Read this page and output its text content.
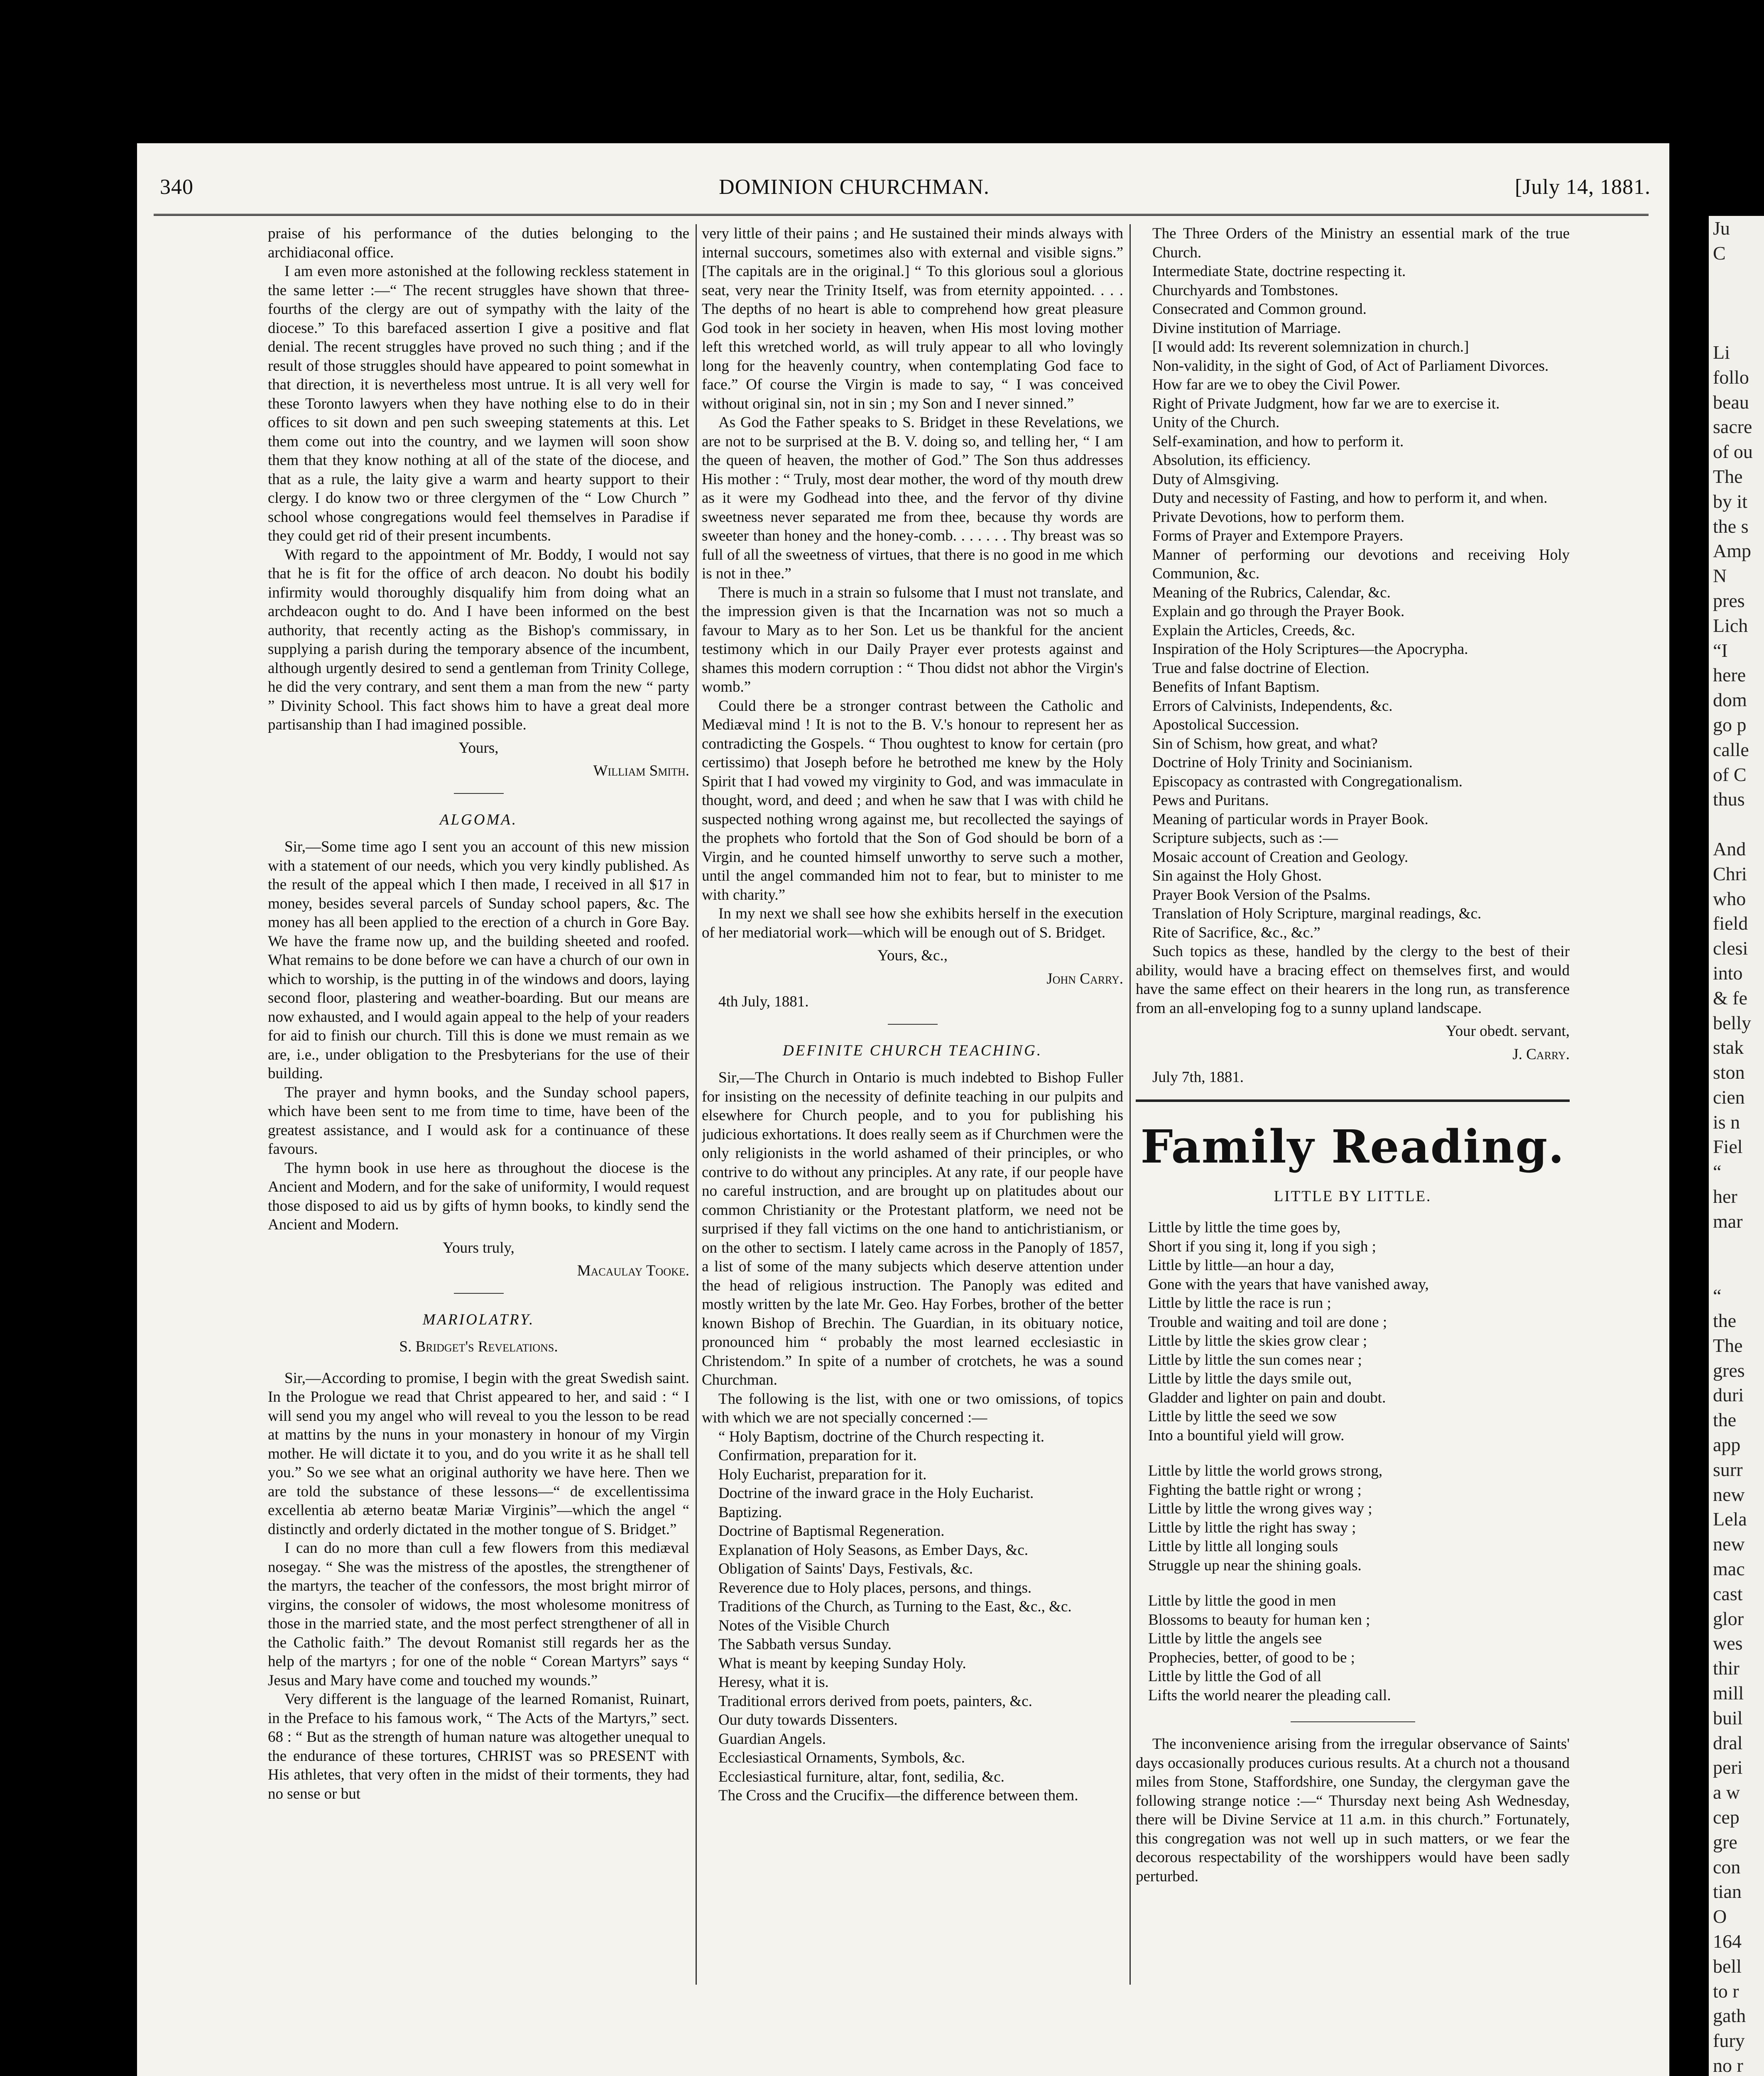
Ju
C

Li
follo
beau
sacre
of ou
The
by it
the s
Amp
N
pres
Lich
“I
here
dom
go p
calle
of C
thus

And
Chri
who
field
clesi
into
& fe
belly
stak
ston
cien
is n
Fiel
“
her
mar

“
the
The
gres
duri
the
app
surr
new
Lela
new
mac
cast
glor
wes
thir
mill
buil
dral
peri
a w
cep
gre
con
tian
O
164
bell
to r
gath
fury
no r

340	DOMINION CHURCHMAN.	[July 14, 1881.

praise of his performance of the duties belonging to the archidiaconal office.

I am even more astonished at the following reckless statement in the same letter :—“ The recent struggles have shown that three-fourths of the clergy are out of sympathy with the laity of the diocese.” To this barefaced assertion I give a positive and flat denial. The recent struggles have proved no such thing ; and if the result of those struggles should have appeared to point somewhat in that direction, it is nevertheless most untrue. It is all very well for these Toronto lawyers when they have nothing else to do in their offices to sit down and pen such sweeping statements at this. Let them come out into the country, and we laymen will soon show them that they know nothing at all of the state of the diocese, and that as a rule, the laity give a warm and hearty support to their clergy. I do know two or three clergymen of the “ Low Church ” school whose congregations would feel themselves in Paradise if they could get rid of their present incumbents.

With regard to the appointment of Mr. Boddy, I would not say that he is fit for the office of arch deacon. No doubt his bodily infirmity would thoroughly disqualify him from doing what an archdeacon ought to do. And I have been informed on the best authority, that recently acting as the Bishop's commissary, in supplying a parish during the temporary absence of the incumbent, although urgently desired to send a gentleman from Trinity College, he did the very contrary, and sent them a man from the new “ party ” Divinity School. This fact shows him to have a great deal more partisanship than I had imagined possible.

Yours,
William Smith.
ALGOMA.

Sir,—Some time ago I sent you an account of this new mission with a statement of our needs, which you very kindly published. As the result of the appeal which I then made, I received in all $17 in money, besides several parcels of Sunday school papers, &c. The money has all been applied to the erection of a church in Gore Bay. We have the frame now up, and the building sheeted and roofed. What remains to be done before we can have a church of our own in which to worship, is the putting in of the windows and doors, laying second floor, plastering and weather-boarding. But our means are now exhausted, and I would again appeal to the help of your readers for aid to finish our church. Till this is done we must remain as we are, i.e., under obligation to the Presbyterians for the use of their building.

The prayer and hymn books, and the Sunday school papers, which have been sent to me from time to time, have been of the greatest assistance, and I would ask for a continuance of these favours.

The hymn book in use here as throughout the diocese is the Ancient and Modern, and for the sake of uniformity, I would request those disposed to aid us by gifts of hymn books, to kindly send the Ancient and Modern.

Yours truly,
Macaulay Tooke.
MARIOLATRY.
S. Bridget's Revelations.

Sir,—According to promise, I begin with the great Swedish saint. In the Prologue we read that Christ appeared to her, and said : “ I will send you my angel who will reveal to you the lesson to be read at mattins by the nuns in your monastery in honour of my Virgin mother. He will dictate it to you, and do you write it as he shall tell you.” So we see what an original authority we have here. Then we are told the substance of these lessons—“ de excellentissima excellentia ab æterno beatæ Mariæ Virginis”—which the angel “ distinctly and orderly dictated in the mother tongue of S. Bridget.”

I can do no more than cull a few flowers from this mediæval nosegay. “ She was the mistress of the apostles, the strengthener of the martyrs, the teacher of the confessors, the most bright mirror of virgins, the consoler of widows, the most wholesome monitress of those in the married state, and the most perfect strengthener of all in the Catholic faith.” The devout Romanist still regards her as the help of the martyrs ; for one of the noble “ Corean Martyrs” says “ Jesus and Mary have come and touched my wounds.”

Very different is the language of the learned Romanist, Ruinart, in the Preface to his famous work, “ The Acts of the Martyrs,” sect. 68 : “ But as the strength of human nature was altogether unequal to the endurance of these tortures, CHRIST was so PRESENT with His athletes, that very often in the midst of their torments, they had no sense or but

very little of their pains ; and He sustained their minds always with internal succours, sometimes also with external and visible signs.” [The capitals are in the original.] “ To this glorious soul a glorious seat, very near the Trinity Itself, was from eternity appointed. . . . The depths of no heart is able to comprehend how great pleasure God took in her society in heaven, when His most loving mother left this wretched world, as will truly appear to all who lovingly long for the heavenly country, when contemplating God face to face.” Of course the Virgin is made to say, “ I was conceived without original sin, not in sin ; my Son and I never sinned.”

As God the Father speaks to S. Bridget in these Revelations, we are not to be surprised at the B. V. doing so, and telling her, “ I am the queen of heaven, the mother of God.” The Son thus addresses His mother : “ Truly, most dear mother, the word of thy mouth drew as it were my Godhead into thee, and the fervor of thy divine sweetness never separated me from thee, because thy words are sweeter than honey and the honey-comb. . . . . . . Thy breast was so full of all the sweetness of virtues, that there is no good in me which is not in thee.”

There is much in a strain so fulsome that I must not translate, and the impression given is that the Incarnation was not so much a favour to Mary as to her Son. Let us be thankful for the ancient testimony which in our Daily Prayer ever protests against and shames this modern corruption : “ Thou didst not abhor the Virgin's womb.”

Could there be a stronger contrast between the Catholic and Mediæval mind ! It is not to the B. V.'s honour to represent her as contradicting the Gospels. “ Thou oughtest to know for certain (pro certissimo) that Joseph before he betrothed me knew by the Holy Spirit that I had vowed my virginity to God, and was immaculate in thought, word, and deed ; and when he saw that I was with child he suspected nothing wrong against me, but recollected the sayings of the prophets who fortold that the Son of God should be born of a Virgin, and he counted himself unworthy to serve such a mother, until the angel commanded him not to fear, but to minister to me with charity.”

In my next we shall see how she exhibits herself in the execution of her mediatorial work—which will be enough out of S. Bridget.

Yours, &c.,
John Carry.
4th July, 1881.
DEFINITE CHURCH TEACHING.

Sir,—The Church in Ontario is much indebted to Bishop Fuller for insisting on the necessity of definite teaching in our pulpits and elsewhere for Church people, and to you for publishing his judicious exhortations. It does really seem as if Churchmen were the only religionists in the world ashamed of their principles, or who contrive to do without any principles. At any rate, if our people have no careful instruction, and are brought up on platitudes about our common Christianity or the Protestant platform, we need not be surprised if they fall victims on the one hand to antichristianism, or on the other to sectism. I lately came across in the Panoply of 1857, a list of some of the many subjects which deserve attention under the head of religious instruction. The Panoply was edited and mostly written by the late Mr. Geo. Hay Forbes, brother of the better known Bishop of Brechin. The Guardian, in its obituary notice, pronounced him “ probably the most learned ecclesiastic in Christendom.” In spite of a number of crotchets, he was a sound Churchman.

The following is the list, with one or two omissions, of topics with which we are not specially concerned :—

“ Holy Baptism, doctrine of the Church respecting it.

Confirmation, preparation for it.
Holy Eucharist, preparation for it.
Doctrine of the inward grace in the Holy Eucharist.
Baptizing.
Doctrine of Baptismal Regeneration.
Explanation of Holy Seasons, as Ember Days, &c.
Obligation of Saints' Days, Festivals, &c.
Reverence due to Holy places, persons, and things.
Traditions of the Church, as Turning to the East, &c., &c.
Notes of the Visible Church
The Sabbath versus Sunday.
What is meant by keeping Sunday Holy.
Heresy, what it is.
Traditional errors derived from poets, painters, &c.
Our duty towards Dissenters.
Guardian Angels.
Ecclesiastical Ornaments, Symbols, &c.
Ecclesiastical furniture, altar, font, sedilia, &c.
The Cross and the Crucifix—the difference between them.
The Three Orders of the Ministry an essential mark of the true Church.
Intermediate State, doctrine respecting it.
Churchyards and Tombstones.
Consecrated and Common ground.
Divine institution of Marriage.
[I would add: Its reverent solemnization in church.]
Non-validity, in the sight of God, of Act of Parliament Divorces.
How far are we to obey the Civil Power.
Right of Private Judgment, how far we are to exercise it.
Unity of the Church.
Self-examination, and how to perform it.
Absolution, its efficiency.
Duty of Almsgiving.
Duty and necessity of Fasting, and how to perform it, and when.
Private Devotions, how to perform them.
Forms of Prayer and Extempore Prayers.
Manner of performing our devotions and receiving Holy Communion, &c.
Meaning of the Rubrics, Calendar, &c.
Explain and go through the Prayer Book.
Explain the Articles, Creeds, &c.
Inspiration of the Holy Scriptures—the Apocrypha.
True and false doctrine of Election.
Benefits of Infant Baptism.
Errors of Calvinists, Independents, &c.
Apostolical Succession.
Sin of Schism, how great, and what?
Doctrine of Holy Trinity and Socinianism.
Episcopacy as contrasted with Congregationalism.
Pews and Puritans.
Meaning of particular words in Prayer Book.
Scripture subjects, such as :—
Mosaic account of Creation and Geology.
Sin against the Holy Ghost.
Prayer Book Version of the Psalms.
Translation of Holy Scripture, marginal readings, &c.
Rite of Sacrifice, &c., &c.”

Such topics as these, handled by the clergy to the best of their ability, would have a bracing effect on themselves first, and would have the same effect on their hearers in the long run, as transference from an all-enveloping fog to a sunny upland landscape.

Your obedt. servant,
J. Carry.
July 7th, 1881.
Family Reading.
LITTLE BY LITTLE.
Little by little the time goes by,
Short if you sing it, long if you sigh ;
Little by little—an hour a day,
Gone with the years that have vanished away,
Little by little the race is run ;
Trouble and waiting and toil are done ;
Little by little the skies grow clear ;
Little by little the sun comes near ;
Little by little the days smile out,
Gladder and lighter on pain and doubt.
Little by little the seed we sow
Into a bountiful yield will grow.
Little by little the world grows strong,
Fighting the battle right or wrong ;
Little by little the wrong gives way ;
Little by little the right has sway ;
Little by little all longing souls
Struggle up near the shining goals.
Little by little the good in men
Blossoms to beauty for human ken ;
Little by little the angels see
Prophecies, better, of good to be ;
Little by little the God of all
Lifts the world nearer the pleading call.

The inconvenience arising from the irregular observance of Saints' days occasionally produces curious results. At a church not a thousand miles from Stone, Staffordshire, one Sunday, the clergyman gave the following strange notice :—“ Thursday next being Ash Wednesday, there will be Divine Service at 11 a.m. in this church.” Fortunately, this congregation was not well up in such matters, or we fear the decorous respectability of the worshippers would have been sadly perturbed.
